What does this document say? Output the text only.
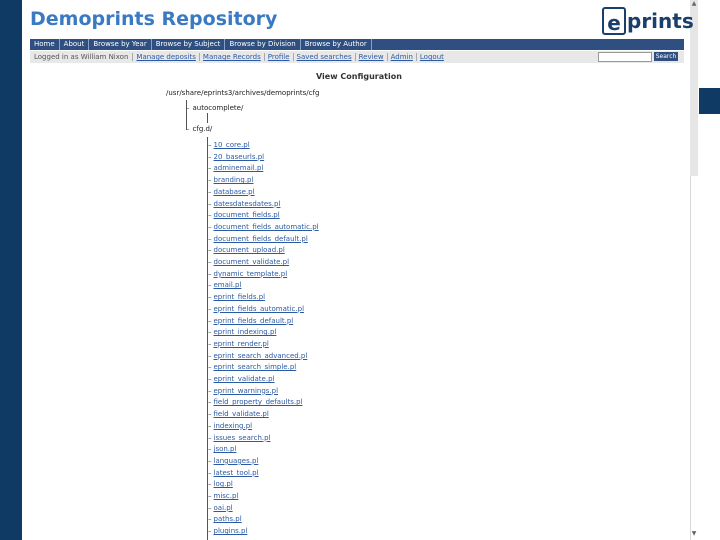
▲
▼
Demoprints Repository	e prints
Home	About	Browse by Year	Browse by Subject	Browse by Division	Browse by Author
Logged in as William Nixon	Manage deposits	Manage Records	Profile	Saved searches	Review	Admin	Logout	Search
View Configuration
/usr/share/eprints3/archives/demoprints/cfg
– autocomplete/
– cfg.d/
– 10_core.pl
– 20_baseurls.pl
– adminemail.pl
– branding.pl
– database.pl
– datesdatesdates.pl
– document_fields.pl
– document_fields_automatic.pl
– document_fields_default.pl
– document_upload.pl
– document_validate.pl
– dynamic_template.pl
– email.pl
– eprint_fields.pl
– eprint_fields_automatic.pl
– eprint_fields_default.pl
– eprint_indexing.pl
– eprint_render.pl
– eprint_search_advanced.pl
– eprint_search_simple.pl
– eprint_validate.pl
– eprint_warnings.pl
– field_property_defaults.pl
– field_validate.pl
– indexing.pl
– issues_search.pl
– json.pl
– languages.pl
– latest_tool.pl
– log.pl
– misc.pl
– oai.pl
– paths.pl
– plugins.pl
